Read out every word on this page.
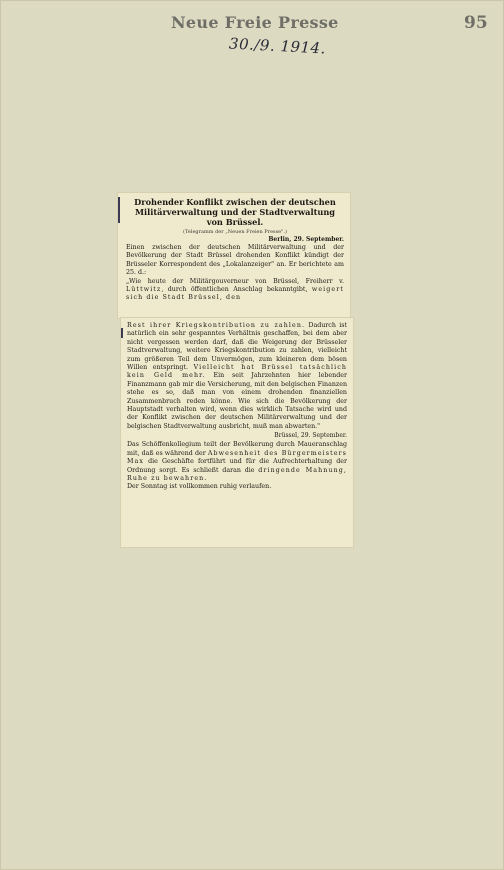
Neue Freie Presse	95
30./9. 1914.

Drohender Konflikt zwischen der deutschen

Militärverwaltung und der Stadtverwaltung

von Brüssel.

(Telegramm der „Neuen Freien Presse".)
Berlin, 29. September.

Einen zwischen der deutschen Militärverwaltung und der Bevölkerung der Stadt Brüssel drohenden Konflikt kündigt der Brüsseler Korrespondent des „Lokalanzeiger" an. Er berichtete am 25. d.:

„Wie heute der Militärgouverneur von Brüssel, Freiherr v. Lüttwitz, durch öffentlichen Anschlag bekanntgibt, weigert sich die Stadt Brüssel, den

Rest ihrer Kriegskontribution zu zahlen. Dadurch ist natürlich ein sehr gespanntes Verhältnis geschaffen, bei dem aber nicht vergessen werden darf, daß die Weigerung der Brüsseler Stadtverwaltung, weitere Kriegskontribution zu zahlen, vielleicht zum größeren Teil dem Unvermögen, zum kleineren dem bösen Willen entspringt. Vielleicht hat Brüssel tatsächlich kein Geld mehr. Ein seit Jahrzehnten hier lebender Finanzmann gab mir die Versicherung, mit den belgischen Finanzen stehe es so, daß man von einem drohenden finanziellen Zusammenbruch reden könne. Wie sich die Bevölkerung der Hauptstadt verhalten wird, wenn dies wirklich Tatsache wird und der Konflikt zwischen der deutschen Militärverwaltung und der belgischen Stadtverwaltung ausbricht, muß man abwarten."

Brüssel, 29. September.

Das Schöffenkollegium teilt der Bevölkerung durch Maueranschlag mit, daß es während der Abwesenheit des Bürgermeisters Max die Geschäfte fortführt und für die Aufrechterhaltung der Ordnung sorgt. Es schließt daran die dringende Mahnung, Ruhe zu bewahren.

Der Sonntag ist vollkommen ruhig verlaufen.
